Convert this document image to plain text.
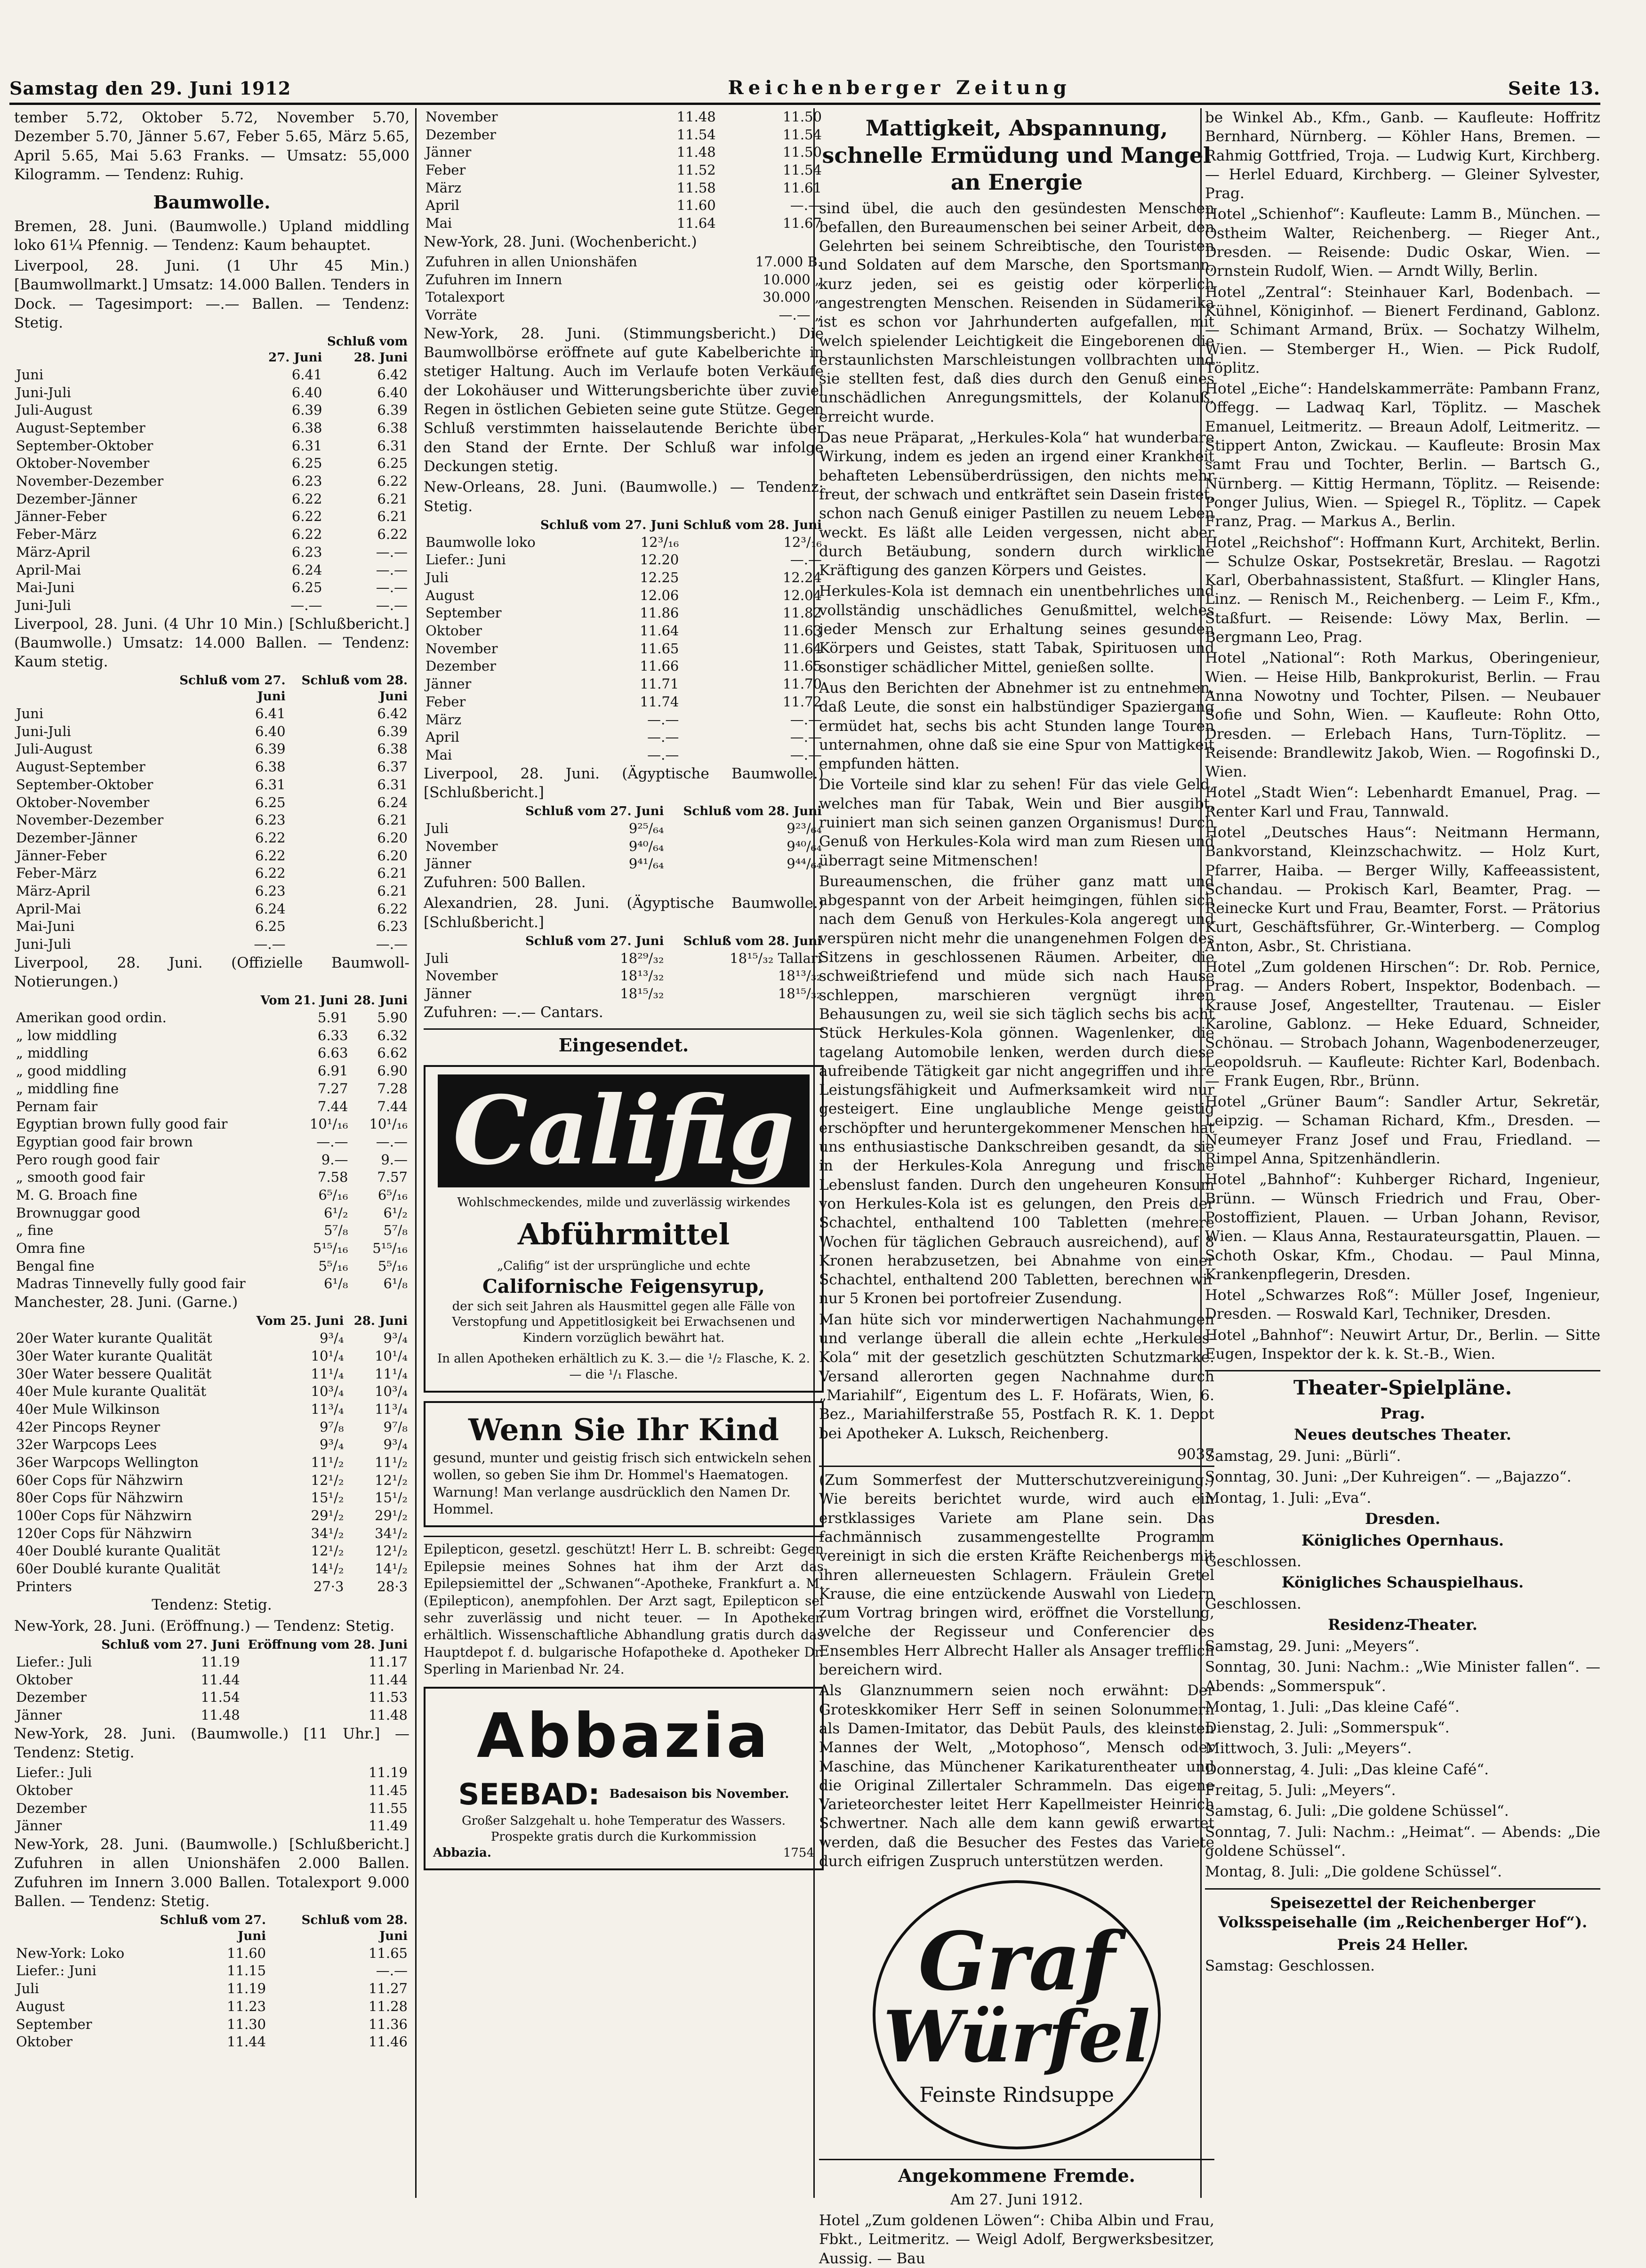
Samstag den 29. Juni 1912	Reichenberger Zeitung	Seite 13.

tember 5.72, Oktober 5.72, November 5.70, Dezember 5.70, Jänner 5.67, Feber 5.65, März 5.65, April 5.65, Mai 5.63 Franks. — Umsatz: 55,000 Kilogramm. — Tendenz: Ruhig.

Baumwolle.

Bremen, 28. Juni. (Baumwolle.) Upland middling loko 61¼ Pfennig. — Tendenz: Kaum behauptet.

Liverpool, 28. Juni. (1 Uhr 45 Min.) [Baumwollmarkt.] Umsatz: 14.000 Ballen. Tenders in Dock. — Tagesimport: —.— Ballen. — Tendenz: Stetig.

	Schluß vom	
	27. Juni	28. Juni
Juni	6.41	6.42
Juni-Juli	6.40	6.40
Juli-August	6.39	6.39
August-September	6.38	6.38
September-Oktober	6.31	6.31
Oktober-November	6.25	6.25
November-Dezember	6.23	6.22
Dezember-Jänner	6.22	6.21
Jänner-Feber	6.22	6.21
Feber-März	6.22	6.22
März-April	6.23	—.—
April-Mai	6.24	—.—
Mai-Juni	6.25	—.—
Juni-Juli	—.—	—.—

Liverpool, 28. Juni. (4 Uhr 10 Min.) [Schlußbericht.] (Baumwolle.) Umsatz: 14.000 Ballen. — Tendenz: Kaum stetig.

	Schluß vom 27. Juni	Schluß vom 28. Juni
Juni	6.41	6.42
Juni-Juli	6.40	6.39
Juli-August	6.39	6.38
August-September	6.38	6.37
September-Oktober	6.31	6.31
Oktober-November	6.25	6.24
November-Dezember	6.23	6.21
Dezember-Jänner	6.22	6.20
Jänner-Feber	6.22	6.20
Feber-März	6.22	6.21
März-April	6.23	6.21
April-Mai	6.24	6.22
Mai-Juni	6.25	6.23
Juni-Juli	—.—	—.—

Liverpool, 28. Juni. (Offizielle Baumwoll-Notierungen.)

	Vom 21. Juni	28. Juni
Amerikan good ordin.	5.91	5.90
„ low middling	6.33	6.32
„ middling	6.63	6.62
„ good middling	6.91	6.90
„ middling fine	7.27	7.28
Pernam fair	7.44	7.44
Egyptian brown fully good fair	10¹/₁₆	10¹/₁₆
Egyptian good fair brown	—.—	—.—
Pero rough good fair	9.—	9.—
„ smooth good fair	7.58	7.57
M. G. Broach fine	6⁵/₁₆	6⁵/₁₆
Brownuggar good	6¹/₂	6¹/₂
„ fine	5⁷/₈	5⁷/₈
Omra fine	5¹⁵/₁₆	5¹⁵/₁₆
Bengal fine	5⁵/₁₆	5⁵/₁₆
Madras Tinnevelly fully good fair	6¹/₈	6¹/₈

Manchester, 28. Juni. (Garne.)

	Vom 25. Juni	28. Juni
20er Water kurante Qualität	9³/₄	9³/₄
30er Water kurante Qualität	10¹/₄	10¹/₄
30er Water bessere Qualität	11¹/₄	11¹/₄
40er Mule kurante Qualität	10³/₄	10³/₄
40er Mule Wilkinson	11³/₄	11³/₄
42er Pincops Reyner	9⁷/₈	9⁷/₈
32er Warpcops Lees	9³/₄	9³/₄
36er Warpcops Wellington	11¹/₂	11¹/₂
60er Cops für Nähzwirn	12¹/₂	12¹/₂
80er Cops für Nähzwirn	15¹/₂	15¹/₂
100er Cops für Nähzwirn	29¹/₂	29¹/₂
120er Cops für Nähzwirn	34¹/₂	34¹/₂
40er Doublé kurante Qualität	12¹/₂	12¹/₂
60er Doublé kurante Qualität	14¹/₂	14¹/₂
Printers	27·3	28·3

Tendenz: Stetig.

New-York, 28. Juni. (Eröffnung.) — Tendenz: Stetig.

	Schluß vom 27. Juni	Eröffnung vom 28. Juni
Liefer.: Juli	11.19	11.17
Oktober	11.44	11.44
Dezember	11.54	11.53
Jänner	11.48	11.48

New-York, 28. Juni. (Baumwolle.) [11 Uhr.] — Tendenz: Stetig.

Liefer.: Juli		11.19
Oktober		11.45
Dezember		11.55
Jänner		11.49

New-York, 28. Juni. (Baumwolle.) [Schlußbericht.] Zufuhren in allen Unionshäfen 2.000 Ballen. Zufuhren im Innern 3.000 Ballen. Totalexport 9.000 Ballen. — Tendenz: Stetig.

	Schluß vom 27. Juni	Schluß vom 28. Juni
New-York: Loko	11.60	11.65
Liefer.: Juni	11.15	—.—
Juli	11.19	11.27
August	11.23	11.28
September	11.30	11.36
Oktober	11.44	11.46
November	11.48	11.50
Dezember	11.54	11.54
Jänner	11.48	11.50
Feber	11.52	11.54
März	11.58	11.61
April	11.60	—.—
Mai	11.64	11.67

New-York, 28. Juni. (Wochenbericht.)

Zufuhren in allen Unionshäfen	17.000 B.
Zufuhren im Innern	10.000 „
Totalexport	30.000 „
Vorräte	—.— „

New-York, 28. Juni. (Stimmungsbericht.) Die Baumwollbörse eröffnete auf gute Kabelberichte in stetiger Haltung. Auch im Verlaufe boten Verkäufe der Lokohäuser und Witterungsberichte über zuviel Regen in östlichen Gebieten seine gute Stütze. Gegen Schluß verstimmten haisselautende Berichte über den Stand der Ernte. Der Schluß war infolge Deckungen stetig.

New-Orleans, 28. Juni. (Baumwolle.) — Tendenz: Stetig.

	Schluß vom 27. Juni	Schluß vom 28. Juni
Baumwolle loko	12³/₁₆	12³/₁₆
Liefer.: Juni	12.20	—.—
Juli	12.25	12.24
August	12.06	12.04
September	11.86	11.82
Oktober	11.64	11.63
November	11.65	11.64
Dezember	11.66	11.65
Jänner	11.71	11.70
Feber	11.74	11.72
März	—.—	—.—
April	—.—	—.—
Mai	—.—	—.—

Liverpool, 28. Juni. (Ägyptische Baumwolle.) [Schlußbericht.]

	Schluß vom 27. Juni	Schluß vom 28. Juni
Juli	9²⁵/₆₄	9²³/₆₄
November	9⁴⁰/₆₄	9⁴⁰/₆₄
Jänner	9⁴¹/₆₄	9⁴⁴/₆₄

Zufuhren: 500 Ballen.

Alexandrien, 28. Juni. (Ägyptische Baumwolle.) [Schlußbericht.]

	Schluß vom 27. Juni	Schluß vom 28. Juni
Juli	18²⁹/₃₂	18¹⁵/₃₂ Tallari
November	18¹³/₃₂	18¹³/₃₂
Jänner	18¹⁵/₃₂	18¹⁵/₃₂

Zufuhren: —.— Cantars.

Eingesendet.
Califig
Wohlschmeckendes, milde und zuverlässig wirkendes
Abführmittel
„Califig“ ist der ursprüngliche und echte
Californische Feigensyrup,
der sich seit Jahren als Hausmittel gegen alle Fälle von Verstopfung und Appetitlosigkeit bei Erwachsenen und Kindern vorzüglich bewährt hat.
In allen Apotheken erhältlich zu K. 3.— die ¹/₂ Flasche, K. 2.— die ¹/₁ Flasche.
Wenn Sie Ihr Kind
gesund, munter und geistig frisch sich entwickeln sehen wollen, so geben Sie ihm Dr. Hommel's Haematogen. Warnung! Man verlange ausdrücklich den Namen Dr. Hommel.

Epilepticon, gesetzl. geschützt! Herr L. B. schreibt: Gegen Epilepsie meines Sohnes hat ihm der Arzt das Epilepsiemittel der „Schwanen“-Apotheke, Frankfurt a. M. (Epilepticon), anempfohlen. Der Arzt sagt, Epilepticon sei sehr zuverlässig und nicht teuer. — In Apotheken erhältlich. Wissenschaftliche Abhandlung gratis durch das Hauptdepot f. d. bulgarische Hofapotheke d. Apotheker Dr. Sperling in Marienbad Nr. 24.

Abbazia
SEEBAD: Badesaison bis November.
Großer Salzgehalt u. hohe Temperatur des Wassers. Prospekte gratis durch die Kurkommission
Abbazia.	1754
Mattigkeit, Abspannung, schnelle Ermüdung und Mangel an Energie

sind übel, die auch den gesündesten Menschen befallen, den Bureaumenschen bei seiner Arbeit, den Gelehrten bei seinem Schreibtische, den Touristen und Soldaten auf dem Marsche, den Sportsmann, kurz jeden, sei es geistig oder körperlich angestrengten Menschen. Reisenden in Südamerika ist es schon vor Jahrhunderten aufgefallen, mit welch spielender Leichtigkeit die Eingeborenen die erstaunlichsten Marschleistungen vollbrachten und sie stellten fest, daß dies durch den Genuß eines unschädlichen Anregungsmittels, der Kolanuß, erreicht wurde.

Das neue Präparat, „Herkules-Kola“ hat wunderbare Wirkung, indem es jeden an irgend einer Krankheit behafteten Lebensüberdrüssigen, den nichts mehr freut, der schwach und entkräftet sein Dasein fristet, schon nach Genuß einiger Pastillen zu neuem Leben weckt. Es läßt alle Leiden vergessen, nicht aber durch Betäubung, sondern durch wirkliche Kräftigung des ganzen Körpers und Geistes.

Herkules-Kola ist demnach ein unentbehrliches und vollständig unschädliches Genußmittel, welches jeder Mensch zur Erhaltung seines gesunden Körpers und Geistes, statt Tabak, Spirituosen und sonstiger schädlicher Mittel, genießen sollte.

Aus den Berichten der Abnehmer ist zu entnehmen, daß Leute, die sonst ein halbstündiger Spaziergang ermüdet hat, sechs bis acht Stunden lange Touren unternahmen, ohne daß sie eine Spur von Mattigkeit empfunden hätten.

Die Vorteile sind klar zu sehen! Für das viele Geld, welches man für Tabak, Wein und Bier ausgibt, ruiniert man sich seinen ganzen Organismus! Durch Genuß von Herkules-Kola wird man zum Riesen und überragt seine Mitmenschen!

Bureaumenschen, die früher ganz matt und abgespannt von der Arbeit heimgingen, fühlen sich nach dem Genuß von Herkules-Kola angeregt und verspüren nicht mehr die unangenehmen Folgen des Sitzens in geschlossenen Räumen. Arbeiter, die schweißtriefend und müde sich nach Hause schleppen, marschieren vergnügt ihren Behausungen zu, weil sie sich täglich sechs bis acht Stück Herkules-Kola gönnen. Wagenlenker, die tagelang Automobile lenken, werden durch diese aufreibende Tätigkeit gar nicht angegriffen und ihre Leistungsfähigkeit und Aufmerksamkeit wird nur gesteigert. Eine unglaubliche Menge geistig erschöpfter und heruntergekommener Menschen hat uns enthusiastische Dankschreiben gesandt, da sie in der Herkules-Kola Anregung und frische Lebenslust fanden. Durch den ungeheuren Konsum von Herkules-Kola ist es gelungen, den Preis der Schachtel, enthaltend 100 Tabletten (mehrere Wochen für täglichen Gebrauch ausreichend), auf 8 Kronen herabzusetzen, bei Abnahme von einer Schachtel, enthaltend 200 Tabletten, berechnen wir nur 5 Kronen bei portofreier Zusendung.

Man hüte sich vor minderwertigen Nachahmungen und verlange überall die allein echte „Herkules-Kola“ mit der gesetzlich geschützten Schutzmarke. Versand allerorten gegen Nachnahme durch „Mariahilf“, Eigentum des L. F. Hofärats, Wien, 6. Bez., Mariahilferstraße 55, Postfach R. K. 1. Depot bei Apotheker A. Luksch, Reichenberg.

9037

(Zum Sommerfest der Mutterschutzvereinigung.) Wie bereits berichtet wurde, wird auch ein erstklassiges Variete am Plane sein. Das fachmännisch zusammengestellte Programm vereinigt in sich die ersten Kräfte Reichenbergs mit ihren allerneuesten Schlagern. Fräulein Gretel Krause, die eine entzückende Auswahl von Liedern zum Vortrag bringen wird, eröffnet die Vorstellung, welche der Regisseur und Conferencier des Ensembles Herr Albrecht Haller als Ansager trefflich bereichern wird.

Als Glanznummern seien noch erwähnt: Der Groteskkomiker Herr Seff in seinen Solonummern als Damen-Imitator, das Debüt Pauls, des kleinsten Mannes der Welt, „Motophoso“, Mensch oder Maschine, das Münchener Karikaturentheater und die Original Zillertaler Schrammeln. Das eigene Varieteorchester leitet Herr Kapellmeister Heinrich Schwertner. Nach alle dem kann gewiß erwartet werden, daß die Besucher des Festes das Variete durch eifrigen Zuspruch unterstützen werden.

Graf
Würfel
Feinste Rindsuppe
Angekommene Fremde.

Am 27. Juni 1912.

Hotel „Zum goldenen Löwen“: Chiba Albin und Frau, Fbkt., Leitmeritz. — Weigl Adolf, Bergwerksbesitzer, Aussig. — Bau

be Winkel Ab., Kfm., Ganb. — Kaufleute: Hoffritz Bernhard, Nürnberg. — Köhler Hans, Bremen. — Rahmig Gottfried, Troja. — Ludwig Kurt, Kirchberg. — Herlel Eduard, Kirchberg. — Gleiner Sylvester, Prag.

Hotel „Schienhof“: Kaufleute: Lamm B., München. — Ostheim Walter, Reichenberg. — Rieger Ant., Dresden. — Reisende: Dudic Oskar, Wien. — Ornstein Rudolf, Wien. — Arndt Willy, Berlin.

Hotel „Zentral“: Steinhauer Karl, Bodenbach. — Kühnel, Königinhof. — Bienert Ferdinand, Gablonz. — Schimant Armand, Brüx. — Sochatzy Wilhelm, Wien. — Stemberger H., Wien. — Pick Rudolf, Töplitz.

Hotel „Eiche“: Handelskammerräte: Pambann Franz, Offegg. — Ladwaq Karl, Töplitz. — Maschek Emanuel, Leitmeritz. — Breaun Adolf, Leitmeritz. — Stippert Anton, Zwickau. — Kaufleute: Brosin Max samt Frau und Tochter, Berlin. — Bartsch G., Nürnberg. — Kittig Hermann, Töplitz. — Reisende: Ponger Julius, Wien. — Spiegel R., Töplitz. — Capek Franz, Prag. — Markus A., Berlin.

Hotel „Reichshof“: Hoffmann Kurt, Architekt, Berlin. — Schulze Oskar, Postsekretär, Breslau. — Ragotzi Karl, Oberbahnassistent, Staßfurt. — Klingler Hans, Linz. — Renisch M., Reichenberg. — Leim F., Kfm., Staßfurt. — Reisende: Löwy Max, Berlin. — Bergmann Leo, Prag.

Hotel „National“: Roth Markus, Oberingenieur, Wien. — Heise Hilb, Bankprokurist, Berlin. — Frau Anna Nowotny und Tochter, Pilsen. — Neubauer Sofie und Sohn, Wien. — Kaufleute: Rohn Otto, Dresden. — Erlebach Hans, Turn-Töplitz. — Reisende: Brandlewitz Jakob, Wien. — Rogofinski D., Wien.

Hotel „Stadt Wien“: Lebenhardt Emanuel, Prag. — Renter Karl und Frau, Tannwald.

Hotel „Deutsches Haus“: Neitmann Hermann, Bankvorstand, Kleinzschachwitz. — Holz Kurt, Pfarrer, Haiba. — Berger Willy, Kaffeeassistent, Schandau. — Prokisch Karl, Beamter, Prag. — Reinecke Kurt und Frau, Beamter, Forst. — Prätorius Kurt, Geschäftsführer, Gr.-Winterberg. — Complog Anton, Asbr., St. Christiana.

Hotel „Zum goldenen Hirschen“: Dr. Rob. Pernice, Prag. — Anders Robert, Inspektor, Bodenbach. — Krause Josef, Angestellter, Trautenau. — Eisler Karoline, Gablonz. — Heke Eduard, Schneider, Schönau. — Strobach Johann, Wagenbodenerzeuger, Leopoldsruh. — Kaufleute: Richter Karl, Bodenbach. — Frank Eugen, Rbr., Brünn.

Hotel „Grüner Baum“: Sandler Artur, Sekretär, Leipzig. — Schaman Richard, Kfm., Dresden. — Neumeyer Franz Josef und Frau, Friedland. — Rimpel Anna, Spitzenhändlerin.

Hotel „Bahnhof“: Kuhberger Richard, Ingenieur, Brünn. — Wünsch Friedrich und Frau, Ober-Postoffizient, Plauen. — Urban Johann, Revisor, Wien. — Klaus Anna, Restaurateursgattin, Plauen. — Schoth Oskar, Kfm., Chodau. — Paul Minna, Krankenpflegerin, Dresden.

Hotel „Schwarzes Roß“: Müller Josef, Ingenieur, Dresden. — Roswald Karl, Techniker, Dresden.

Hotel „Bahnhof“: Neuwirt Artur, Dr., Berlin. — Sitte Eugen, Inspektor der k. k. St.-B., Wien.

Theater-Spielpläne.
Prag.
Neues deutsches Theater.

Samstag, 29. Juni: „Bürli“.

Sonntag, 30. Juni: „Der Kuhreigen“. — „Bajazzo“.

Montag, 1. Juli: „Eva“.

Dresden.
Königliches Opernhaus.

Geschlossen.

Königliches Schauspielhaus.

Geschlossen.

Residenz-Theater.

Samstag, 29. Juni: „Meyers“.

Sonntag, 30. Juni: Nachm.: „Wie Minister fallen“. — Abends: „Sommerspuk“.

Montag, 1. Juli: „Das kleine Café“.

Dienstag, 2. Juli: „Sommerspuk“.

Mittwoch, 3. Juli: „Meyers“.

Donnerstag, 4. Juli: „Das kleine Café“.

Freitag, 5. Juli: „Meyers“.

Samstag, 6. Juli: „Die goldene Schüssel“.

Sonntag, 7. Juli: Nachm.: „Heimat“. — Abends: „Die goldene Schüssel“.

Montag, 8. Juli: „Die goldene Schüssel“.

Speisezettel der Reichenberger Volksspeisehalle (im „Reichenberger Hof“).
Preis 24 Heller.

Samstag: Geschlossen.
